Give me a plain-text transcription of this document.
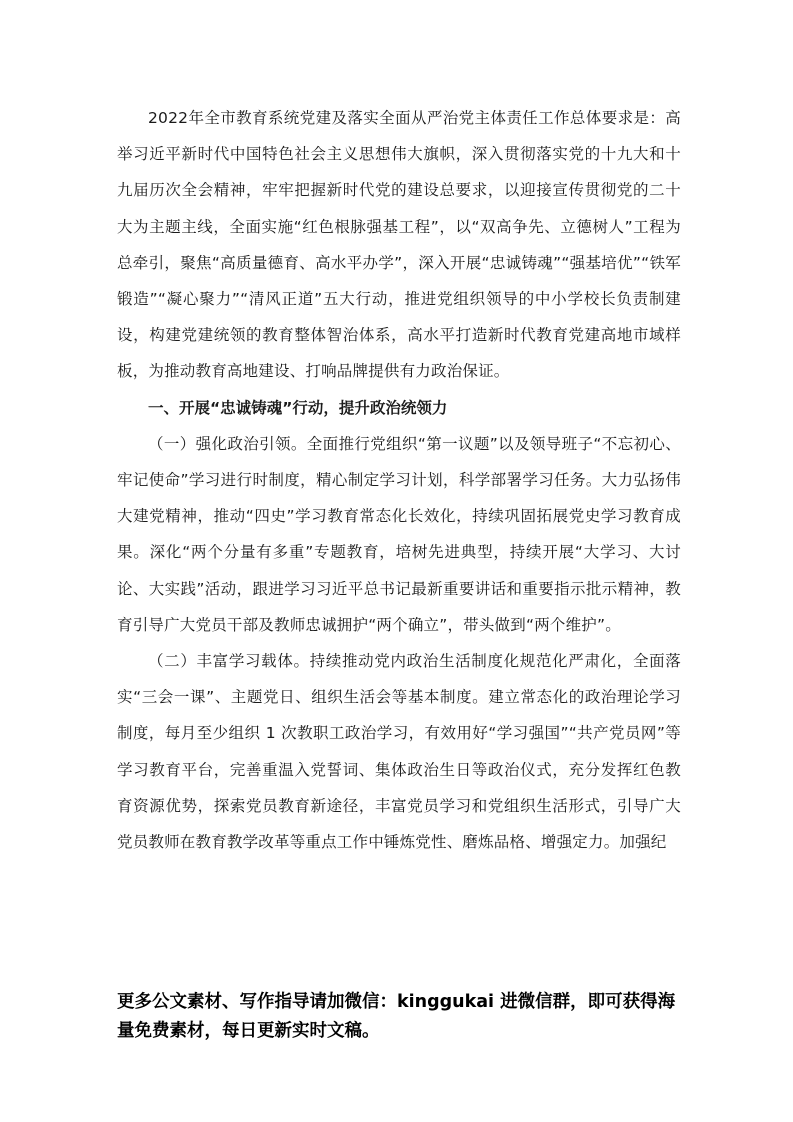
2022年全市教育系统党建及落实全面从严治党主体责任工作总体要求是：高举习近平新时代中国特色社会主义思想伟大旗帜，深入贯彻落实党的十九大和十九届历次全会精神，牢牢把握新时代党的建设总要求，以迎接宣传贯彻党的二十大为主题主线，全面实施“红色根脉强基工程”，以“双高争先、立德树人”工程为总牵引，聚焦“高质量德育、高水平办学”，深入开展“忠诚铸魂”“强基培优”“铁军锻造”“凝心聚力”“清风正道”五大行动，推进党组织领导的中小学校长负责制建设，构建党建统领的教育整体智治体系，高水平打造新时代教育党建高地市域样板，为推动教育高地建设、打响品牌提供有力政治保证。

一、开展“忠诚铸魂”行动，提升政治统领力

（一）强化政治引领。全面推行党组织“第一议题”以及领导班子“不忘初心、牢记使命”学习进行时制度，精心制定学习计划，科学部署学习任务。大力弘扬伟大建党精神，推动“四史”学习教育常态化长效化，持续巩固拓展党史学习教育成果。深化“两个分量有多重”专题教育，培树先进典型，持续开展“大学习、大讨论、大实践”活动，跟进学习习近平总书记最新重要讲话和重要指示批示精神，教育引导广大党员干部及教师忠诚拥护“两个确立”，带头做到“两个维护”。

（二）丰富学习载体。持续推动党内政治生活制度化规范化严肃化，全面落实“三会一课”、主题党日、组织生活会等基本制度。建立常态化的政治理论学习制度，每月至少组织 1 次教职工政治学习，有效用好“学习强国”“共产党员网”等学习教育平台，完善重温入党誓词、集体政治生日等政治仪式，充分发挥红色教育资源优势，探索党员教育新途径，丰富党员学习和党组织生活形式，引导广大党员教师在教育教学改革等重点工作中锤炼党性、磨炼品格、增强定力。加强纪

更多公文素材、写作指导请加微信：kinggukai 进微信群，即可获得海量免费素材，每日更新实时文稿。
